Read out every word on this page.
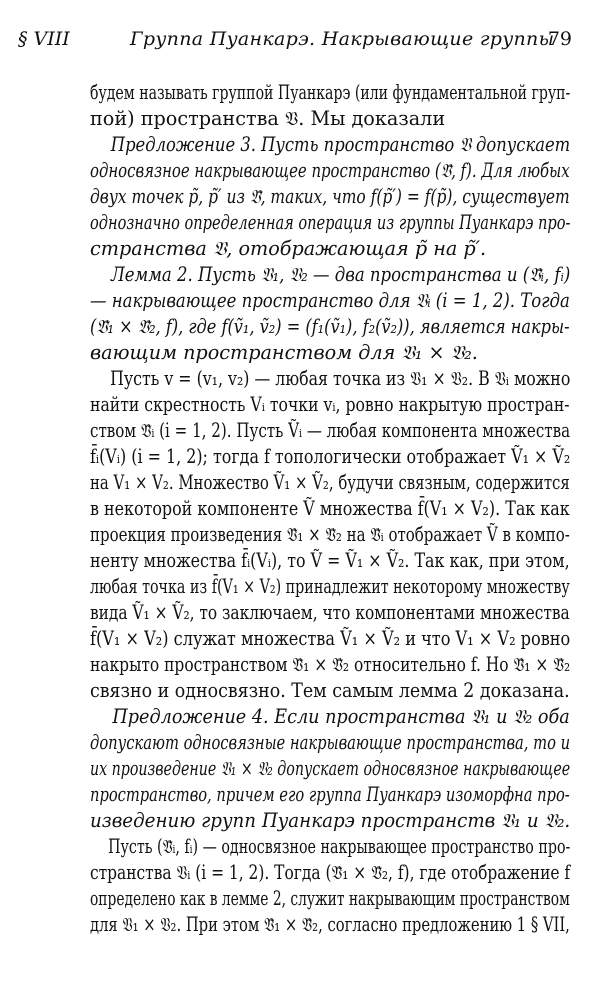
§ VIII	Группа Пуанкарэ. Накрывающие группы
79
будем называть группой Пуанкарэ (или фундаментальной груп-
пой) пространства 𝔙. Мы доказали
Предложение 3. Пусть пространство 𝔙 допускает
односвязное накрывающее пространство (𝔙̃, f). Для любых
двух точек p̃, p̃′ из 𝔙̃, таких, что f(p̃′) = f(p̃), существует
однозначно определенная операция из группы Пуанкарэ про-
странства 𝔙, отображающая p̃ на p̃′.
Лемма 2. Пусть 𝔙₁, 𝔙₂ — два пространства и (𝔙̃ᵢ, fᵢ)
— накрывающее пространство для 𝔙ᵢ (i = 1, 2). Тогда
(𝔙̃₁ × 𝔙̃₂, f), где f(ṽ₁, ṽ₂) = (f₁(ṽ₁), f₂(ṽ₂)), является накры-
вающим пространством для 𝔙₁ × 𝔙₂.
Пусть v = (v₁, v₂) — любая точка из 𝔙₁ × 𝔙₂. В 𝔙ᵢ можно
найти скрестность Vᵢ точки vᵢ, ровно накрытую простран-
ством 𝔙̃ᵢ (i = 1, 2). Пусть Ṽᵢ — любая компонента множества
f̄ᵢ(Vᵢ) (i = 1, 2); тогда f топологически отображает Ṽ₁ × Ṽ₂
на V₁ × V₂. Множество Ṽ₁ × Ṽ₂, будучи связным, содержится
в некоторой компоненте Ṽ множества f̄(V₁ × V₂). Так как
проекция произведения 𝔙̃₁ × 𝔙̃₂ на 𝔙̃ᵢ отображает Ṽ в компо-
ненту множества f̄ᵢ(Vᵢ), то Ṽ = Ṽ₁ × Ṽ₂. Так как, при этом,
любая точка из f̄(V₁ × V₂) принадлежит некоторому множеству
вида Ṽ₁ × Ṽ₂, то заключаем, что компонентами множества
f̄(V₁ × V₂) служат множества Ṽ₁ × Ṽ₂ и что V₁ × V₂ ровно
накрыто пространством 𝔙̃₁ × 𝔙̃₂ относительно f. Но 𝔙̃₁ × 𝔙̃₂
связно и односвязно. Тем самым лемма 2 доказана.
Предложение 4. Если пространства 𝔙₁ и 𝔙₂ оба
допускают односвязные накрывающие пространства, то и
их произведение 𝔙₁ × 𝔙₂ допускает односвязное накрывающее
пространство, причем его группа Пуанкарэ изоморфна про-
изведению групп Пуанкарэ пространств 𝔙₁ и 𝔙₂.
Пусть (𝔙̃ᵢ, fᵢ) — односвязное накрывающее пространство про-
странства 𝔙ᵢ (i = 1, 2). Тогда (𝔙̃₁ × 𝔙̃₂, f), где отображение f
определено как в лемме 2, служит накрывающим пространством
для 𝔙₁ × 𝔙₂. При этом 𝔙̃₁ × 𝔙̃₂, согласно предложению 1 § VII,
